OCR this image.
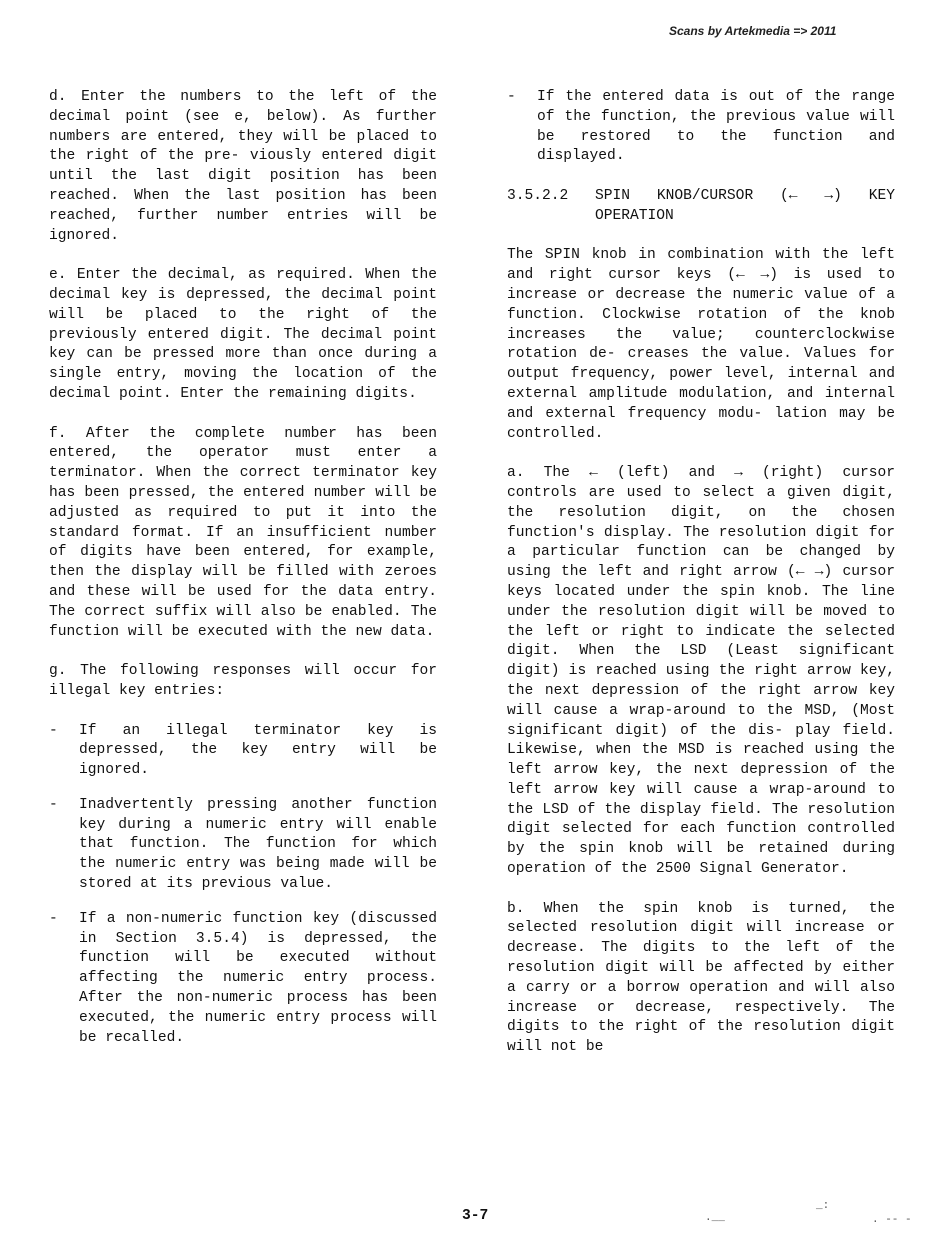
Scans by Artekmedia => 2011

d. Enter the numbers to the left of the decimal point (see e, below). As further numbers are entered, they will be placed to the right of the pre- viously entered digit until the last digit position has been reached. When the last position has been reached, further number entries will be ignored.

e. Enter the decimal, as required. When the decimal key is depressed, the decimal point will be placed to the right of the previously entered digit. The decimal point key can be pressed more than once during a single entry, moving the location of the decimal point. Enter the remaining digits.

f. After the complete number has been entered, the operator must enter a terminator. When the correct terminator key has been pressed, the entered number will be adjusted as required to put it into the standard format. If an insufficient number of digits have been entered, for example, then the display will be filled with zeroes and these will be used for the data entry. The correct suffix will also be enabled. The function will be executed with the new data.

g. The following responses will occur for illegal key entries:

-	If an illegal terminator key is depressed, the key entry will be ignored.
-	Inadvertently pressing another function key during a numeric entry will enable that function. The function for which the numeric entry was being made will be stored at its previous value.
-	If a non-numeric function key (discussed in Section 3.5.4) is depressed, the function will be executed without affecting the numeric entry process. After the non-numeric process has been executed, the numeric entry process will be recalled.
-	If the entered data is out of the range of the function, the previous value will be restored to the function and displayed.
3.5.2.2	SPIN KNOB/CURSOR (← →) KEY OPERATION

The SPIN knob in combination with the left and right cursor keys (← →) is used to increase or decrease the numeric value of a function. Clockwise rotation of the knob increases the value; counterclockwise rotation de- creases the value. Values for output frequency, power level, internal and external amplitude modulation, and internal and external frequency modu- lation may be controlled.

a. The ← (left) and → (right) cursor controls are used to select a given digit, the resolution digit, on the chosen function's display. The resolution digit for a particular function can be changed by using the left and right arrow (← →) cursor keys located under the spin knob. The line under the resolution digit will be moved to the left or right to indicate the selected digit. When the LSD (Least significant digit) is reached using the right arrow key, the next depression of the right arrow key will cause a wrap-around to the MSD, (Most significant digit) of the dis- play field. Likewise, when the MSD is reached using the left arrow key, the next depression of the left arrow key will cause a wrap-around to the LSD of the display field. The resolution digit selected for each function controlled by the spin knob will be retained during operation of the 2500 Signal Generator.

b. When the spin knob is turned, the selected resolution digit will increase or decrease. The digits to the left of the resolution digit will be affected by either a carry or a borrow operation and will also increase or decrease, respectively. The digits to the right of the resolution digit will not be

3-7	.__
_:
. -- -
